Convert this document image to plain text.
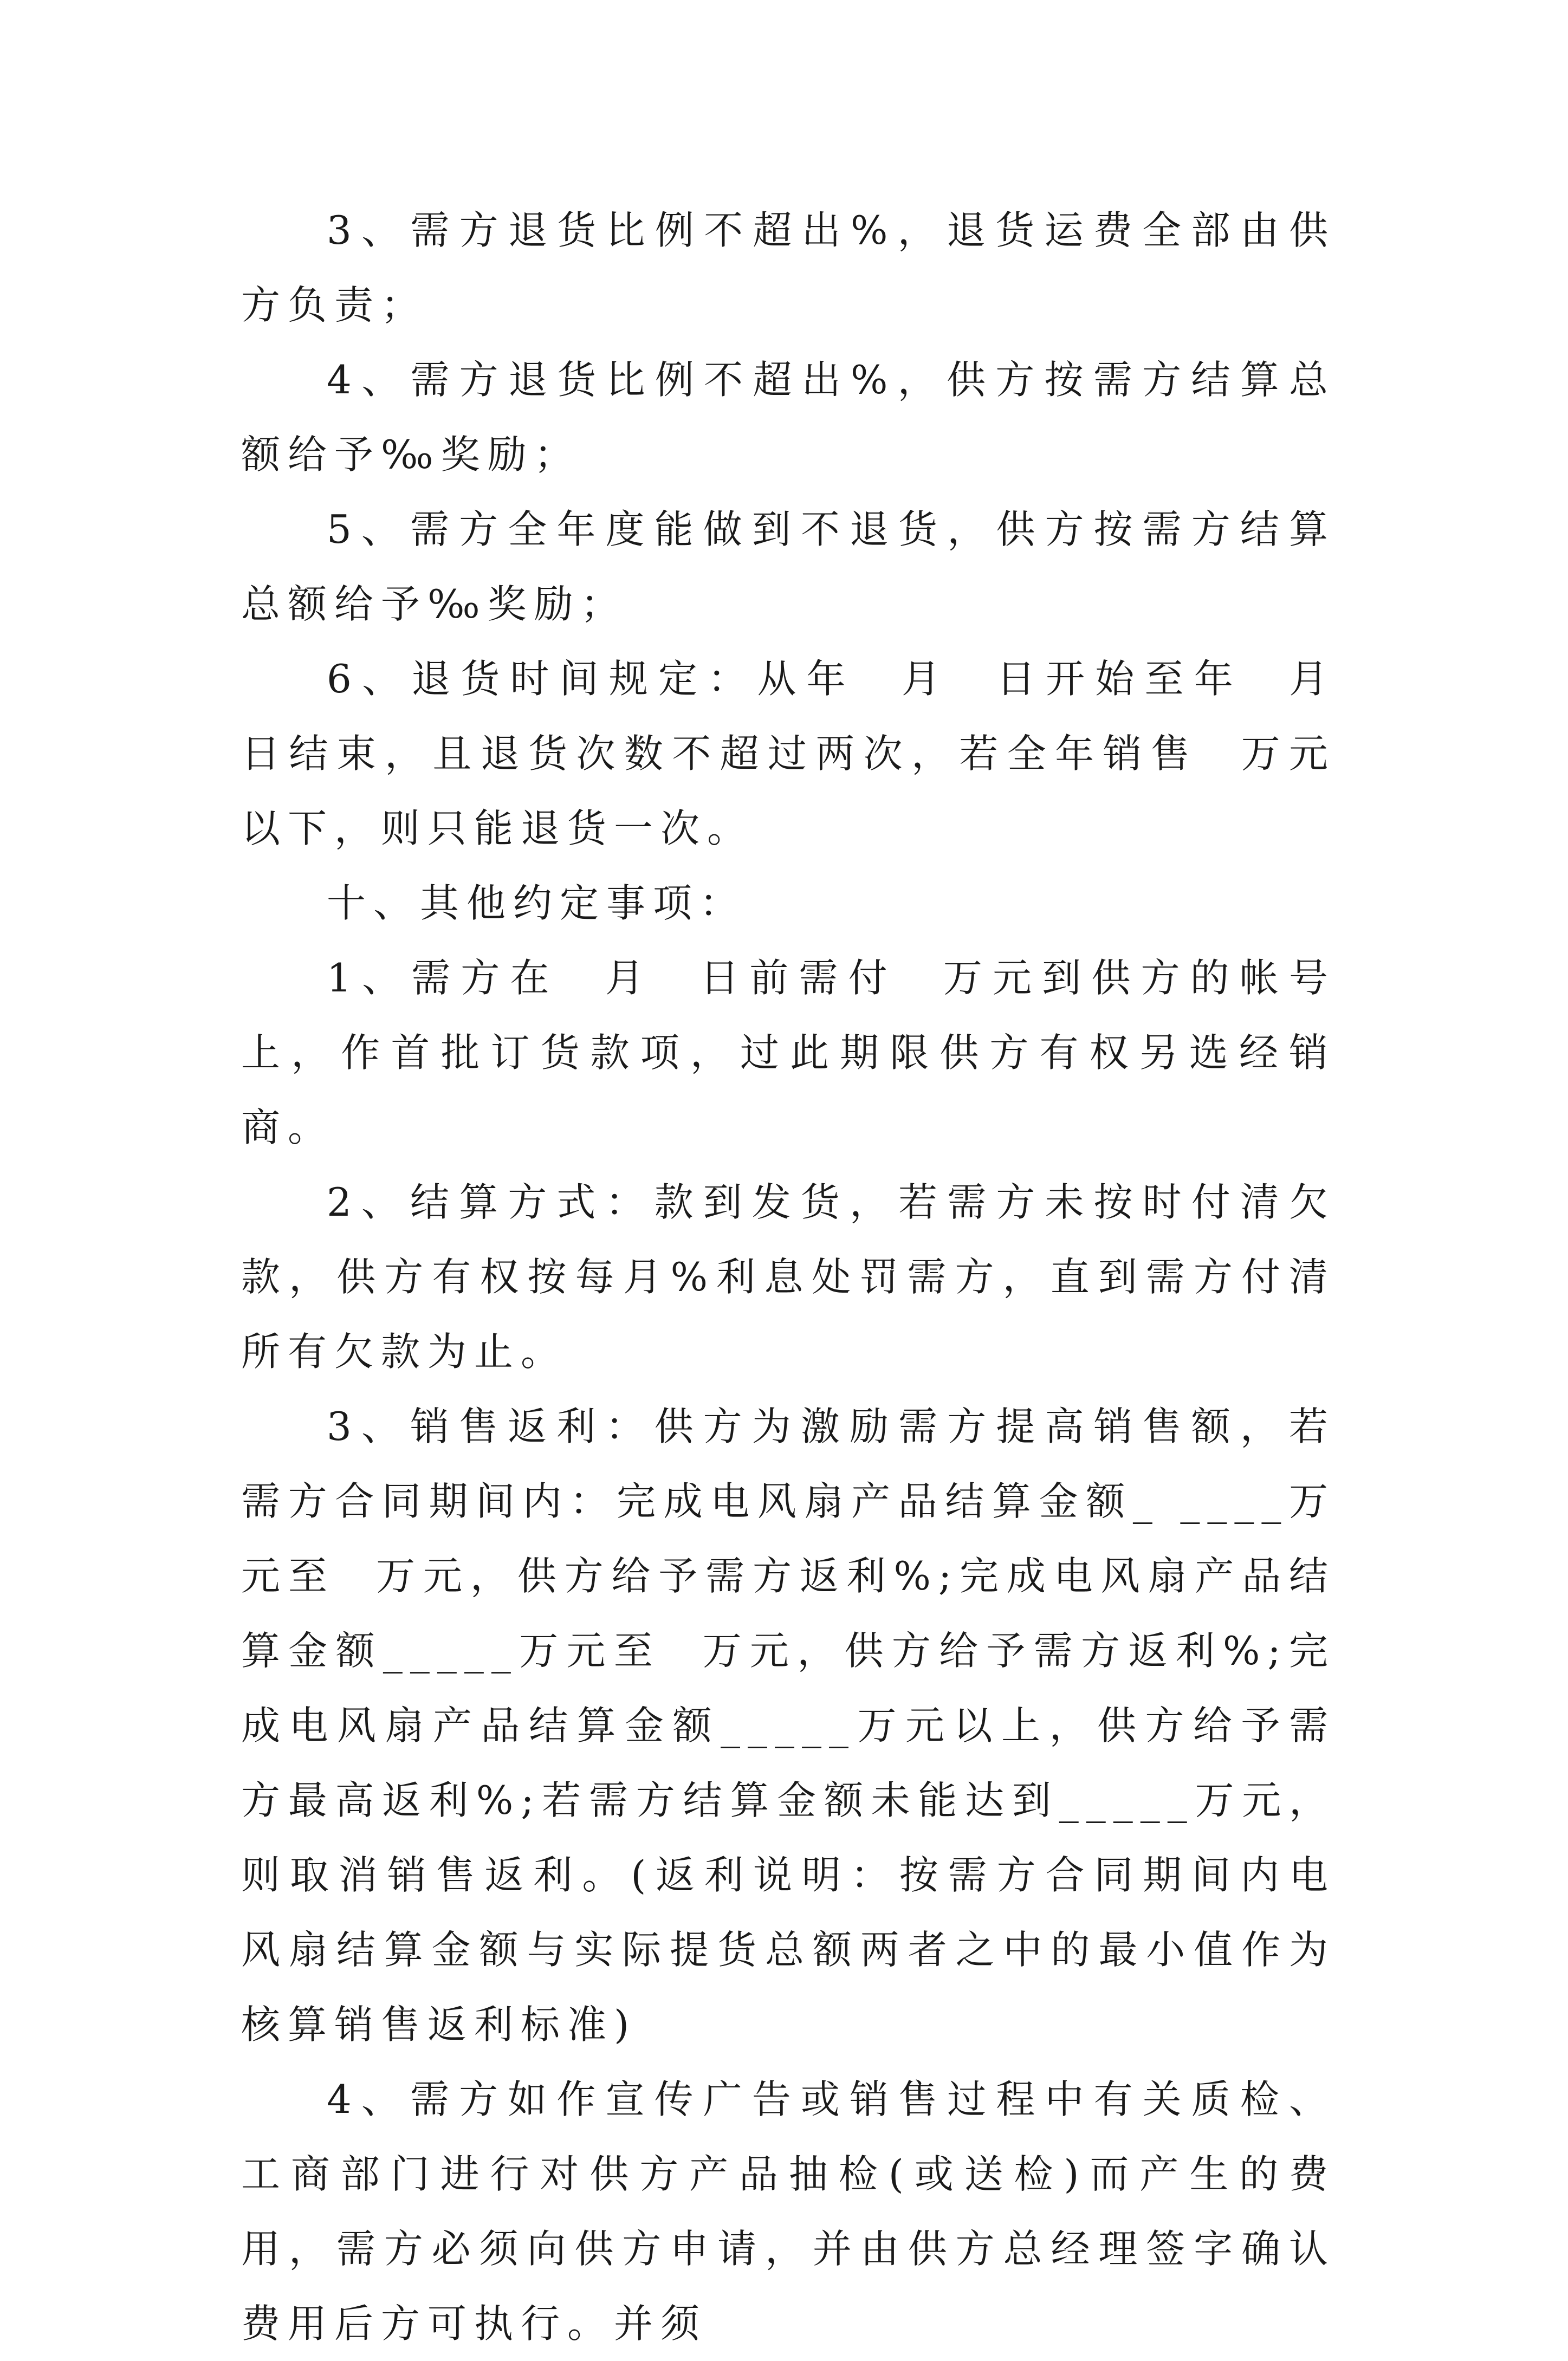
3、需方退货比例不超出%，退货运费全部由供方负责；

4、需方退货比例不超出%，供方按需方结算总额给予‰奖励；

5、需方全年度能做到不退货，供方按需方结算总额给予‰奖励；

6、退货时间规定：从年  月  日开始至年  月  日结束，且退货次数不超过两次，若全年销售  万元以下，则只能退货一次。

十、其他约定事项：

1、需方在  月  日前需付  万元到供方的帐号上，作首批订货款项，过此期限供方有权另选经销商。

2、结算方式：款到发货，若需方未按时付清欠款，供方有权按每月%利息处罚需方，直到需方付清所有欠款为止。

3、销售返利：供方为激励需方提高销售额，若需方合同期间内：完成电风扇产品结算金额_ ____万元至  万元，供方给予需方返利%;完成电风扇产品结算金额_____万元至  万元，供方给予需方返利%;完成电风扇产品结算金额_____万元以上，供方给予需方最高返利%;若需方结算金额未能达到_____万元，则取消销售返利。(返利说明：按需方合同期间内电风扇结算金额与实际提货总额两者之中的最小值作为核算销售返利标准)

4、需方如作宣传广告或销售过程中有关质检、工商部门进行对供方产品抽检(或送检)而产生的费用，需方必须向供方申请，并由供方总经理签字确认费用后方可执行。并须
